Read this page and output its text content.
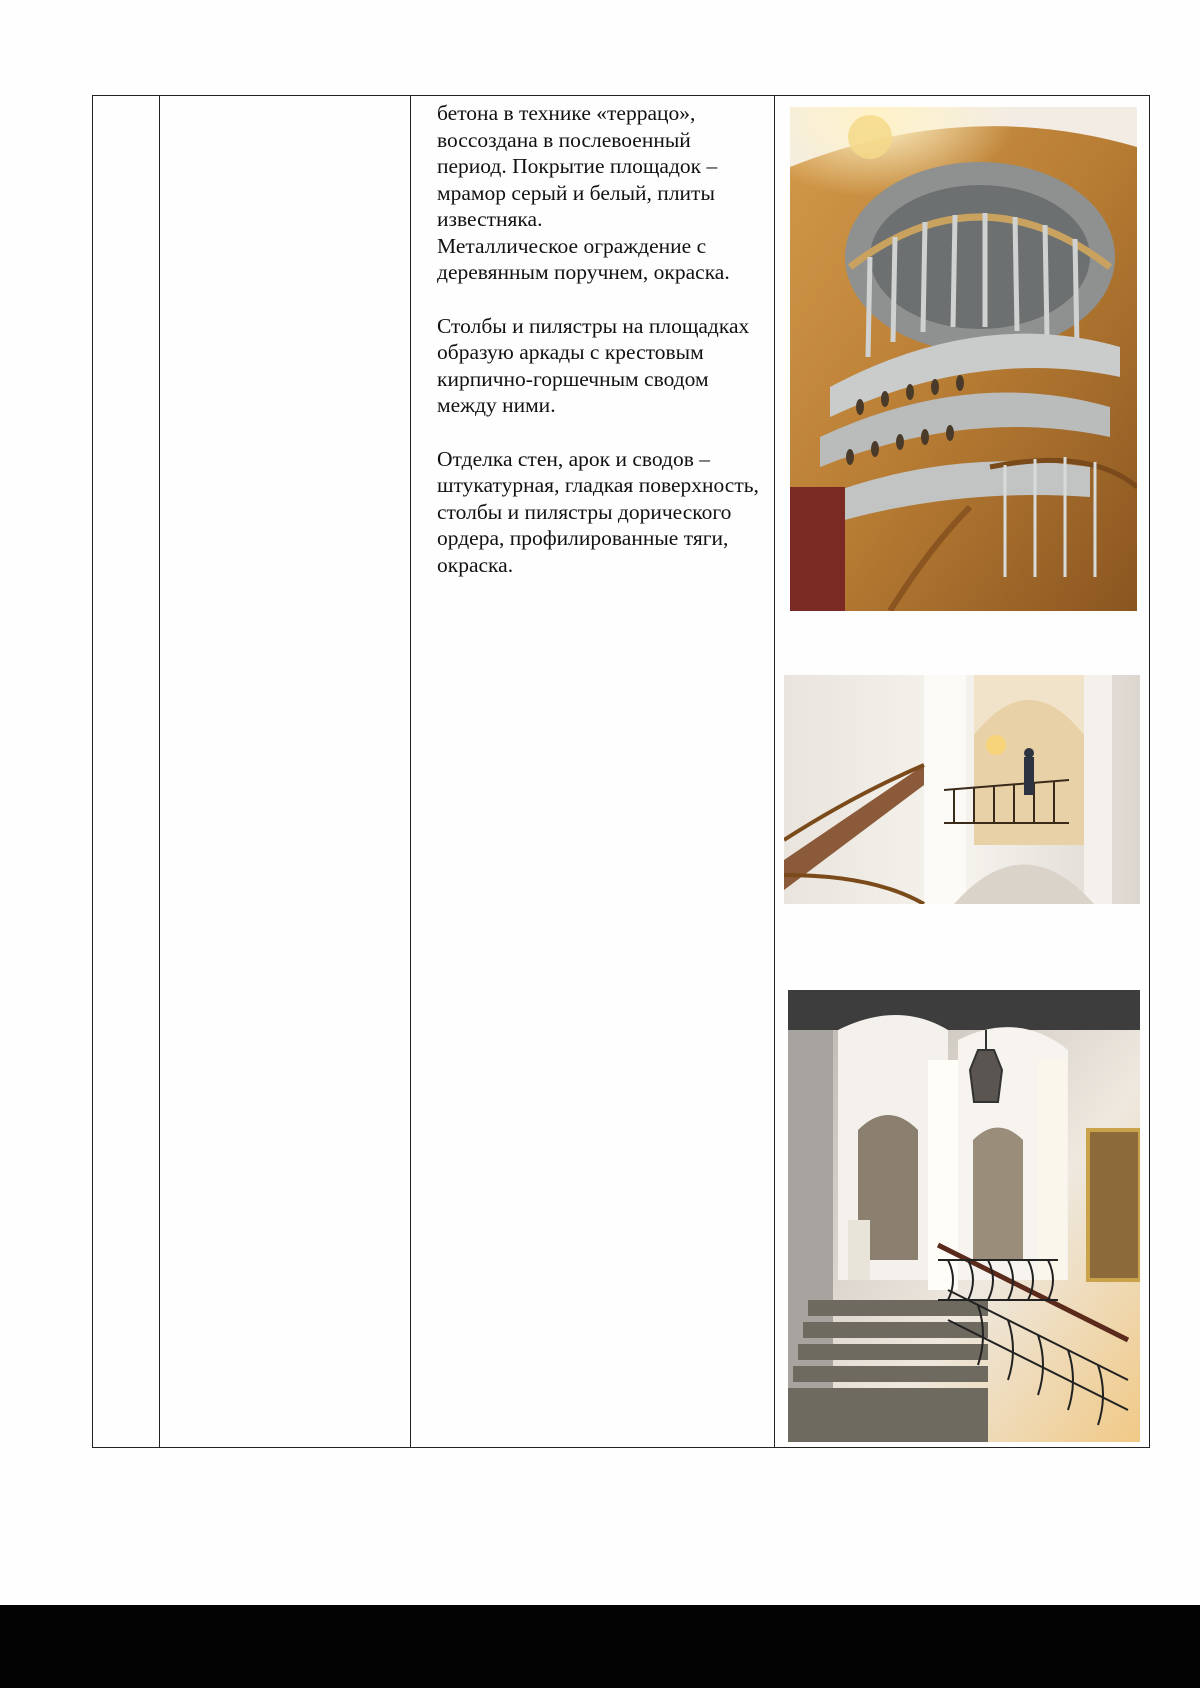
бетона в технике «террацо», воссоздана в послевоенный период. Покрытие площадок – мрамор серый и белый, плиты известняка.

Металлическое ограждение с деревянным поручнем, окраска.

Столбы и пилястры на площадках образую аркады с крестовым кирпично-горшечным сводом между ними.

Отделка стен, арок и сводов – штукатурная, гладкая поверхность, столбы и пилястры дорического ордера, профилированные тяги, окраска.
